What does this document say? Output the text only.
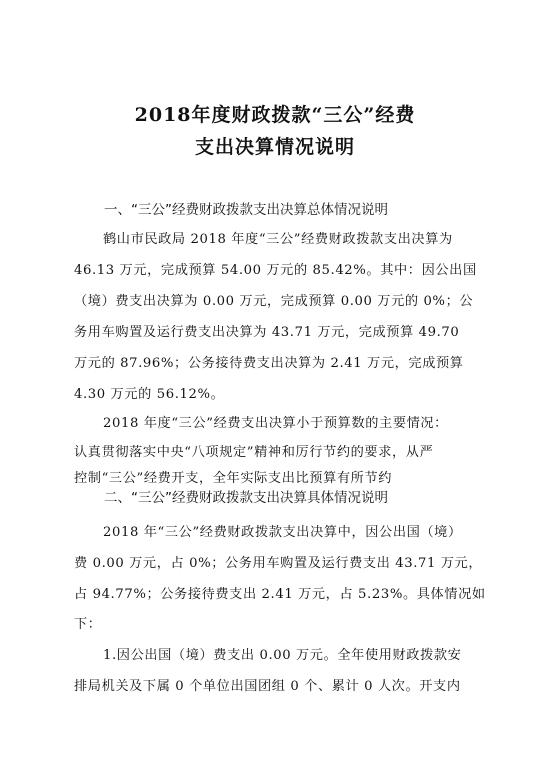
2018年度财政拨款“三公”经费
支出决算情况说明
一、“三公”经费财政拨款支出决算总体情况说明
鹤山市民政局 2018 年度“三公”经费财政拨款支出决算为
46.13 万元，完成预算 54.00 万元的 85.42%。其中：因公出国
（境）费支出决算为 0.00 万元，完成预算 0.00 万元的 0%；公
务用车购置及运行费支出决算为 43.71 万元，完成预算 49.70
万元的 87.96%；公务接待费支出决算为 2.41 万元，完成预算
4.30 万元的 56.12%。
2018 年度“三公”经费支出决算小于预算数的主要情况：
认真贯彻落实中央“八项规定”精神和厉行节约的要求，从严
控制“三公”经费开支，全年实际支出比预算有所节约
二、“三公”经费财政拨款支出决算具体情况说明
2018 年“三公”经费财政拨款支出决算中，因公出国（境）
费 0.00 万元，占 0%；公务用车购置及运行费支出 43.71 万元，
占 94.77%；公务接待费支出 2.41 万元，占 5.23%。具体情况如
下：
1.因公出国（境）费支出 0.00 万元。全年使用财政拨款安
排局机关及下属 0 个单位出国团组 0 个、累计 0 人次。开支内
